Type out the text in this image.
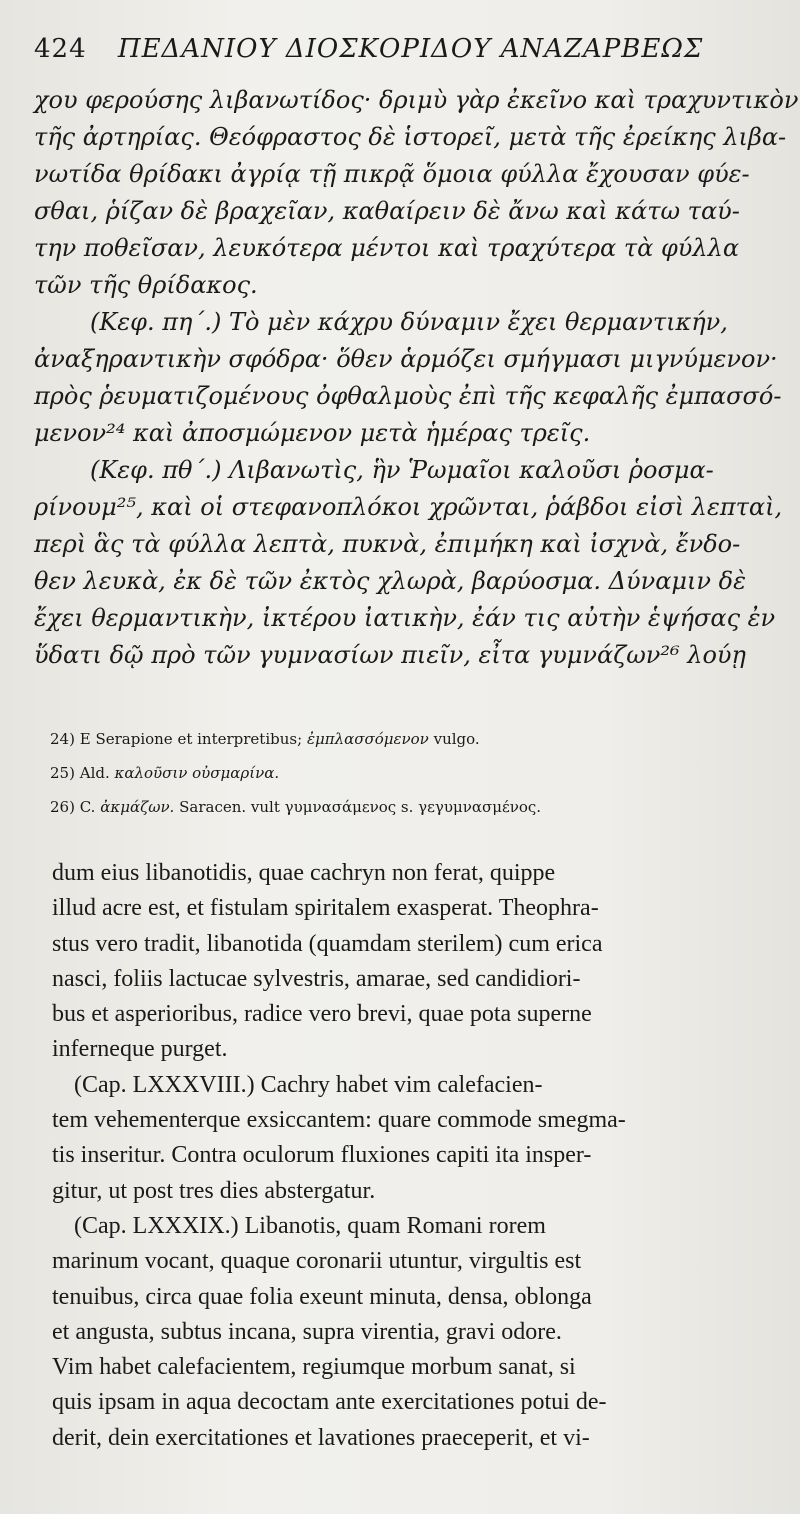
424 ΠΕΔΑΝΙΟΥ ΔΙΟΣΚΟΡΙΔΟΥ ΑΝΑΖΑΡΒΕΩΣ
χου φερούσης λιβανωτίδος· δριμὺ γὰρ ἐκεῖνο καὶ τραχυντικὸν
τῆς ἀρτηρίας. Θεόφραστος δὲ ἱστορεῖ, μετὰ τῆς ἐρείκης λιβα-
νωτίδα θρίδακι ἀγρίᾳ τῇ πικρᾷ ὅμοια φύλλα ἔχουσαν φύε-
σθαι, ῥίζαν δὲ βραχεῖαν, καθαίρειν δὲ ἄνω καὶ κάτω ταύ-
την ποθεῖσαν, λευκότερα μέντοι καὶ τραχύτερα τὰ φύλλα
τῶν τῆς θρίδακος.
(Κεφ. πη΄.) Τὸ μὲν κάχρυ δύναμιν ἔχει θερμαντικήν,
ἀναξηραντικὴν σφόδρα· ὅθεν ἁρμόζει σμήγμασι μιγνύμενον·
πρὸς ῥευματιζομένους ὀφθαλμοὺς ἐπὶ τῆς κεφαλῆς ἐμπασσό-
μενον²⁴ καὶ ἀποσμώμενον μετὰ ἡμέρας τρεῖς.
(Κεφ. πθ΄.) Λιβανωτὶς, ἣν Ῥωμαῖοι καλοῦσι ῥοσμα-
ρίνουμ²⁵, καὶ οἱ στεφανοπλόκοι χρῶνται, ῥάβδοι εἰσὶ λεπταὶ,
περὶ ἃς τὰ φύλλα λεπτὰ, πυκνὰ, ἐπιμήκη καὶ ἰσχνὰ, ἔνδο-
θεν λευκὰ, ἐκ δὲ τῶν ἐκτὸς χλωρὰ, βαρύοσμα. Δύναμιν δὲ
ἔχει θερμαντικὴν, ἰκτέρου ἰατικὴν, ἐάν τις αὐτὴν ἑψήσας ἐν
ὕδατι δῷ πρὸ τῶν γυμνασίων πιεῖν, εἶτα γυμνάζων²⁶ λούῃ
24) E Serapione et interpretibus; ἐμπλασσόμενον vulgo.
25) Ald. καλοῦσιν οὐσμαρίνα.
26) C. ἀκμάζων. Saracen. vult γυμνασάμενος s. γεγυμνασμένος.
dum eius libanotidis, quae cachryn non ferat, quippe
illud acre est, et fistulam spiritalem exasperat. Theophra-
stus vero tradit, libanotida (quamdam sterilem) cum erica
nasci, foliis lactucae sylvestris, amarae, sed candidiori-
bus et asperioribus, radice vero brevi, quae pota superne
inferneque purget.
(Cap. LXXXVIII.) Cachry habet vim calefacien-
tem vehementerque exsiccantem: quare commode smegma-
tis inseritur. Contra oculorum fluxiones capiti ita insper-
gitur, ut post tres dies abstergatur.
(Cap. LXXXIX.) Libanotis, quam Romani rorem
marinum vocant, quaque coronarii utuntur, virgultis est
tenuibus, circa quae folia exeunt minuta, densa, oblonga
et angusta, subtus incana, supra virentia, gravi odore.
Vim habet calefacientem, regiumque morbum sanat, si
quis ipsam in aqua decoctam ante exercitationes potui de-
derit, dein exercitationes et lavationes praeceperit, et vi-
